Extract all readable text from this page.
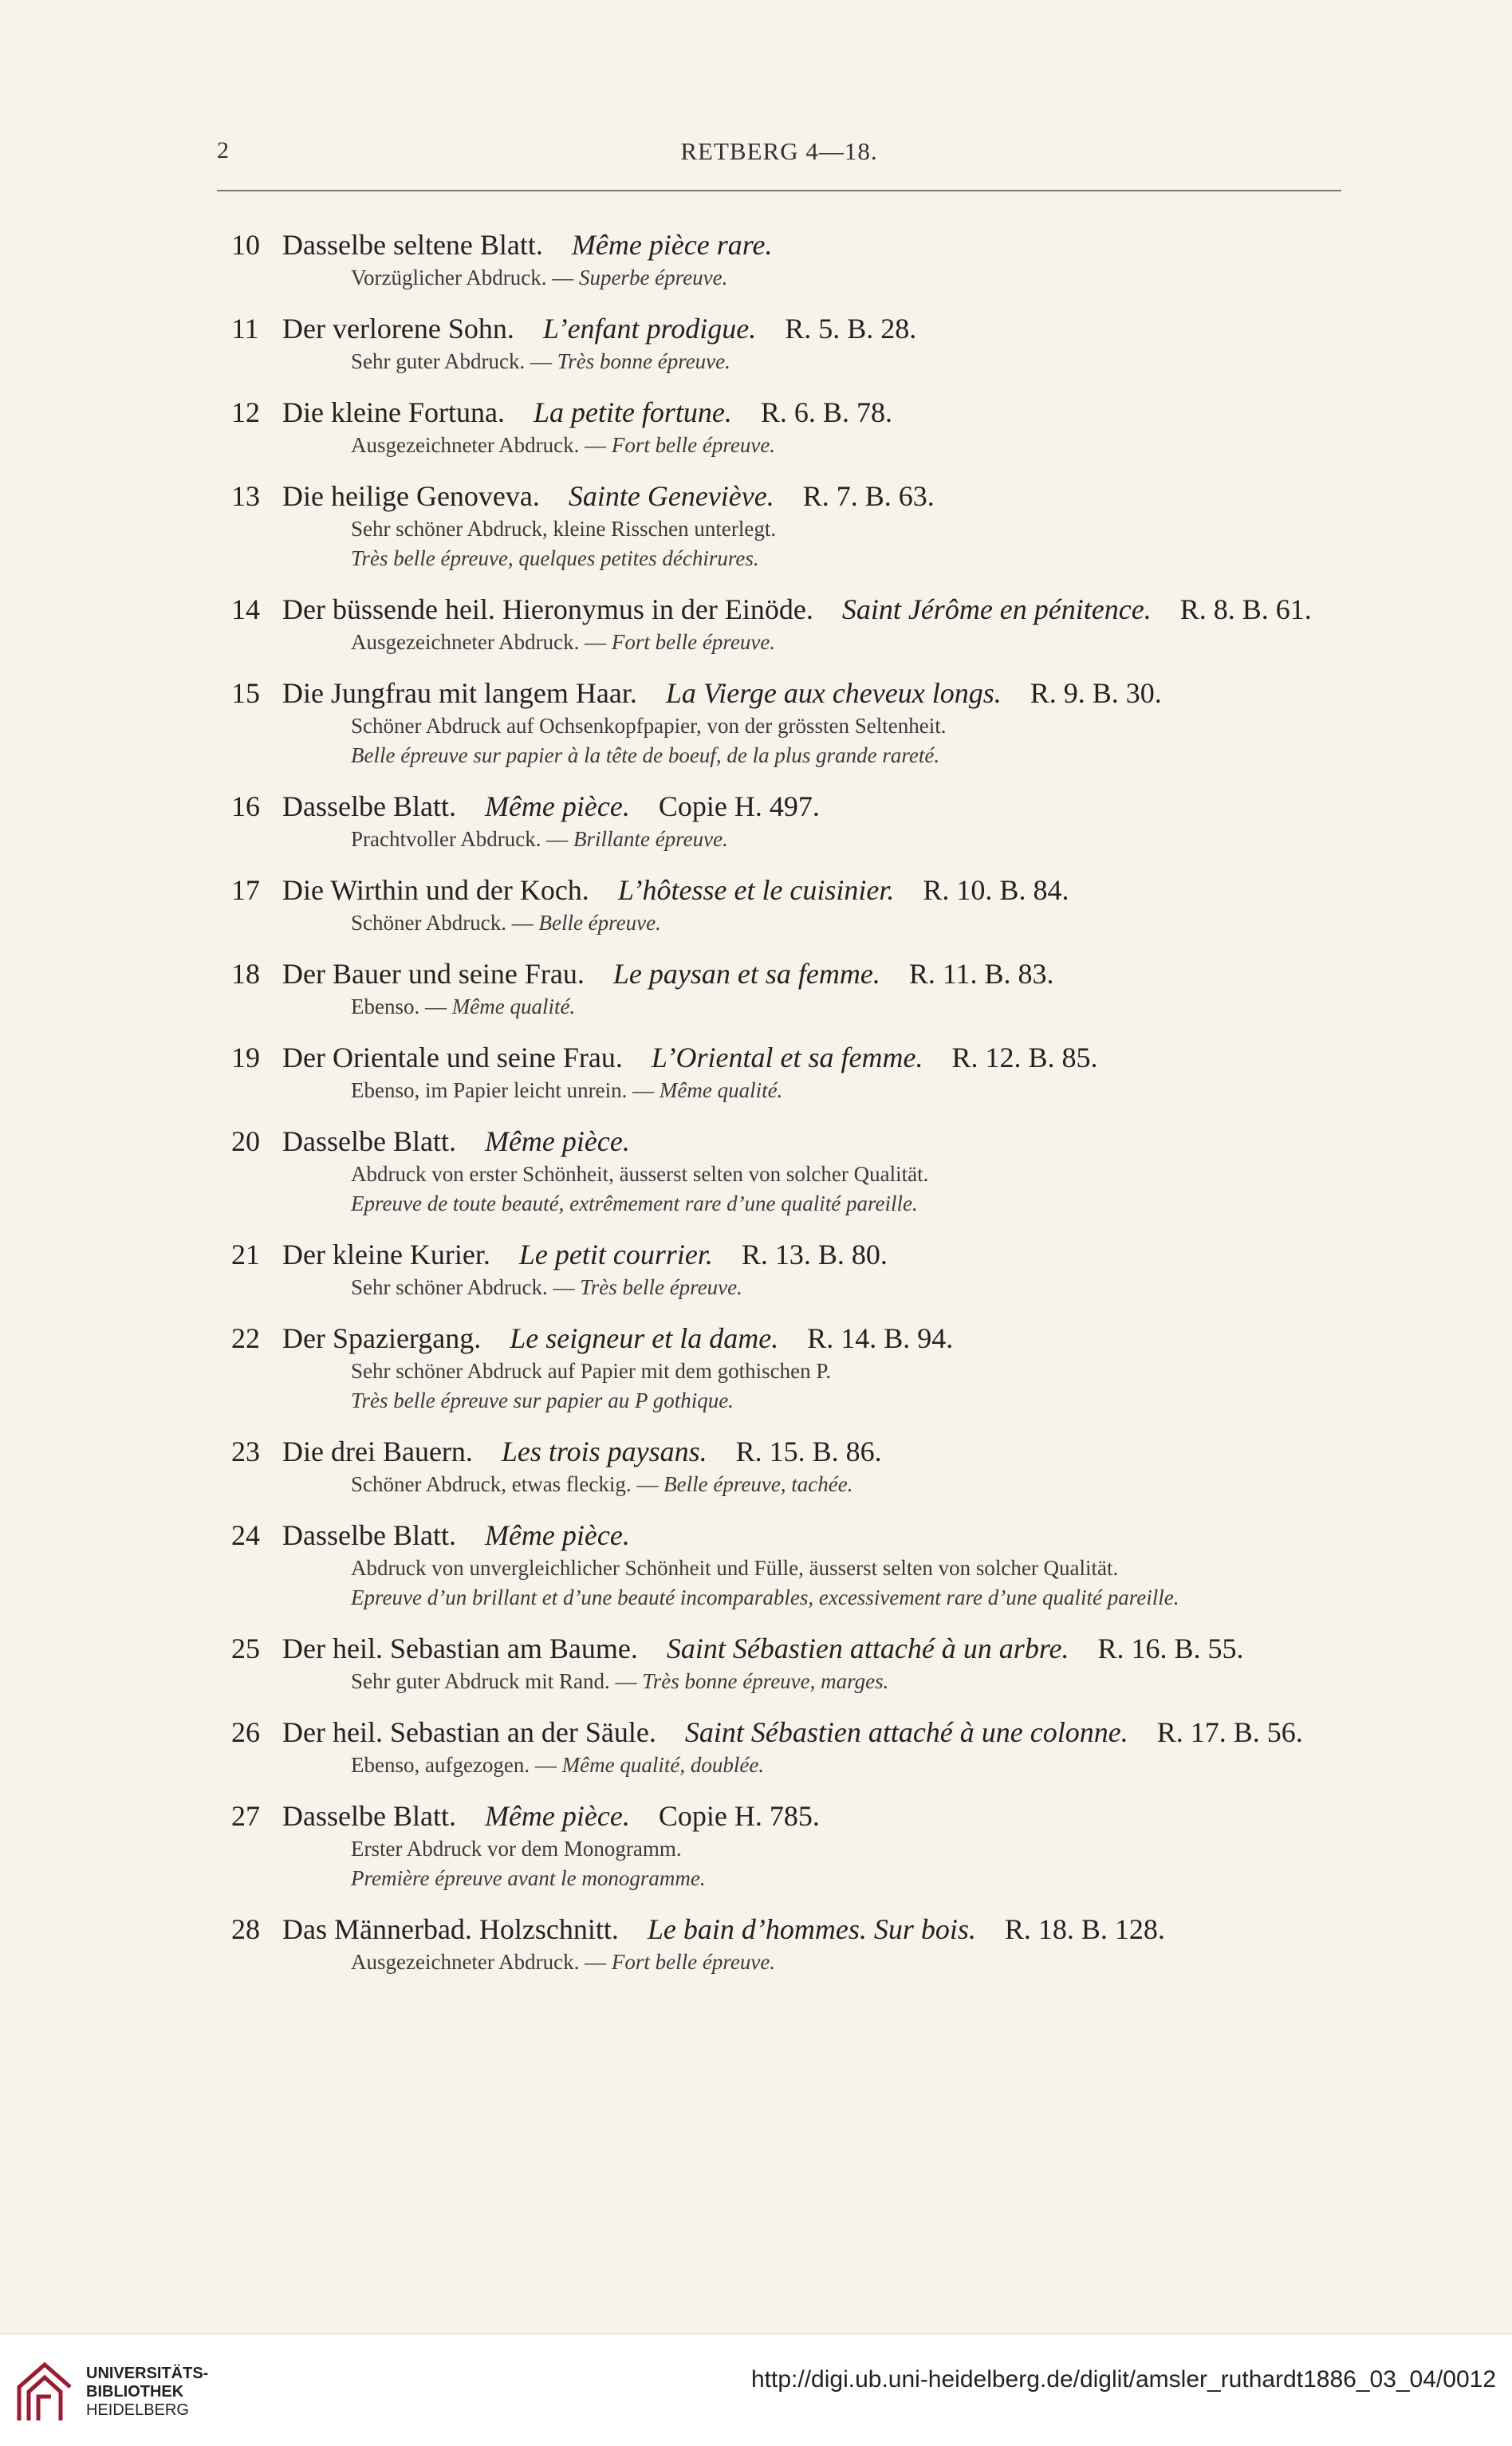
2	RETBERG 4—18.
10 Dasselbe seltene Blatt.  Même pièce rare.
Vorzüglicher Abdruck. — Superbe épreuve.
11 Der verlorene Sohn.  L’enfant prodigue.  R. 5. B. 28.
Sehr guter Abdruck. — Très bonne épreuve.
12 Die kleine Fortuna.  La petite fortune.  R. 6. B. 78.
Ausgezeichneter Abdruck. — Fort belle épreuve.
13 Die heilige Genoveva.  Sainte Geneviève.  R. 7. B. 63.
Sehr schöner Abdruck, kleine Risschen unterlegt.
Très belle épreuve, quelques petites déchirures.
14 Der büssende heil. Hieronymus in der Einöde.  Saint Jérôme en pénitence.  R. 8. B. 61.
Ausgezeichneter Abdruck. — Fort belle épreuve.
15 Die Jungfrau mit langem Haar.  La Vierge aux cheveux longs.  R. 9. B. 30.
Schöner Abdruck auf Ochsenkopfpapier, von der grössten Seltenheit.
Belle épreuve sur papier à la tête de boeuf, de la plus grande rareté.
16 Dasselbe Blatt.  Même pièce.  Copie H. 497.
Prachtvoller Abdruck. — Brillante épreuve.
17 Die Wirthin und der Koch.  L’hôtesse et le cuisinier.  R. 10. B. 84.
Schöner Abdruck. — Belle épreuve.
18 Der Bauer und seine Frau.  Le paysan et sa femme.  R. 11. B. 83.
Ebenso. — Même qualité.
19 Der Orientale und seine Frau.  L’Oriental et sa femme.  R. 12. B. 85.
Ebenso, im Papier leicht unrein. — Même qualité.
20 Dasselbe Blatt.  Même pièce.
Abdruck von erster Schönheit, äusserst selten von solcher Qualität.
Epreuve de toute beauté, extrêmement rare d’une qualité pareille.
21 Der kleine Kurier.  Le petit courrier.  R. 13. B. 80.
Sehr schöner Abdruck. — Très belle épreuve.
22 Der Spaziergang.  Le seigneur et la dame.  R. 14. B. 94.
Sehr schöner Abdruck auf Papier mit dem gothischen P.
Très belle épreuve sur papier au P gothique.
23 Die drei Bauern.  Les trois paysans.  R. 15. B. 86.
Schöner Abdruck, etwas fleckig. — Belle épreuve, tachée.
24 Dasselbe Blatt.  Même pièce.
Abdruck von unvergleichlicher Schönheit und Fülle, äusserst selten von solcher Qualität.
Epreuve d’un brillant et d’une beauté incomparables, excessivement rare d’une qualité pareille.
25 Der heil. Sebastian am Baume.  Saint Sébastien attaché à un arbre.  R. 16. B. 55.
Sehr guter Abdruck mit Rand. — Très bonne épreuve, marges.
26 Der heil. Sebastian an der Säule.  Saint Sébastien attaché à une colonne.  R. 17. B. 56.
Ebenso, aufgezogen. — Même qualité, doublée.
27 Dasselbe Blatt.  Même pièce.  Copie H. 785.
Erster Abdruck vor dem Monogramm.
Première épreuve avant le monogramme.
28 Das Männerbad. Holzschnitt.  Le bain d’hommes. Sur bois.  R. 18. B. 128.
Ausgezeichneter Abdruck. — Fort belle épreuve.
UNIVERSITÄTS-
BIBLIOTHEK
HEIDELBERG
http://digi.ub.uni-heidelberg.de/diglit/amsler_ruthardt1886_03_04/0012
